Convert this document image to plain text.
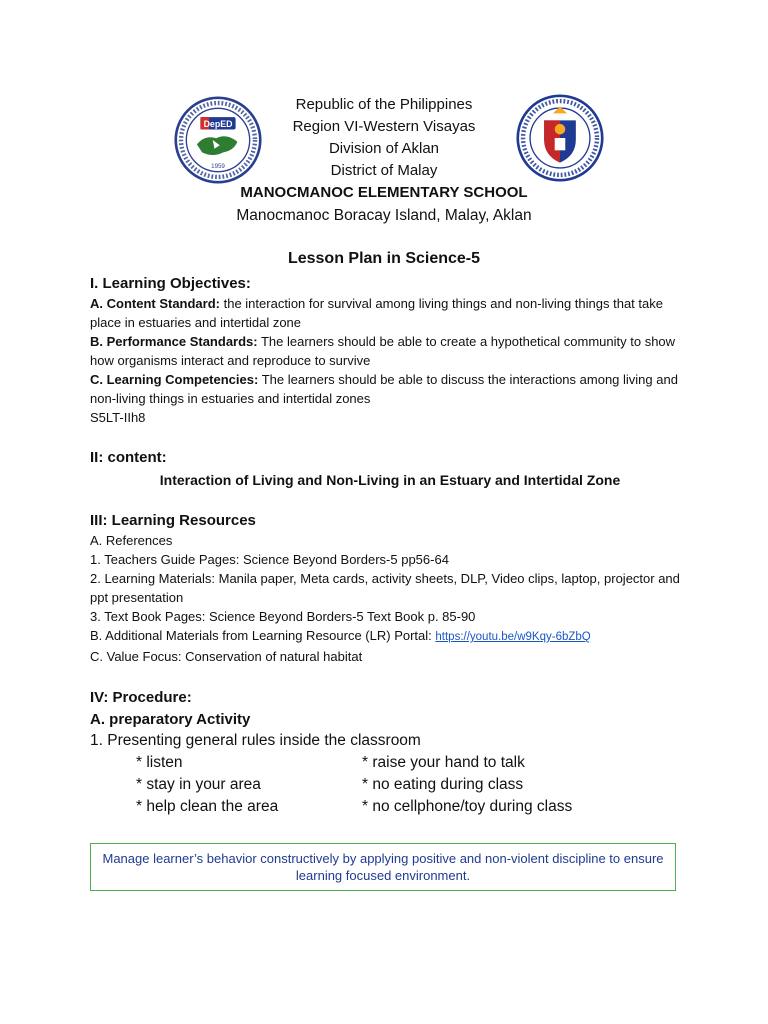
DepED
1959
Republic of the Philippines
Region VI-Western Visayas
Division of Aklan
District of Malay
MANOCMANOC ELEMENTARY SCHOOL
Manocmanoc Boracay Island, Malay, Aklan
Lesson Plan in Science-5
I. Learning Objectives:
A. Content Standard: the interaction for survival among living things and non-living things that take place in estuaries and intertidal zone
B. Performance Standards: The learners should be able to create a hypothetical community to show how organisms interact and reproduce to survive
C. Learning Competencies: The learners should be able to discuss the interactions among living and non-living things in estuaries and intertidal zones
S5LT-IIh8
II: content:
Interaction of Living and Non-Living in an Estuary and Intertidal Zone
III: Learning Resources
A. References
1. Teachers Guide Pages: Science Beyond Borders-5 pp56-64
2. Learning Materials: Manila paper, Meta cards, activity sheets, DLP, Video clips, laptop, projector and ppt presentation
3. Text Book Pages: Science Beyond Borders-5 Text Book p. 85-90
B. Additional Materials from Learning Resource (LR) Portal: https://youtu.be/w9Kqy-6bZbQ
C. Value Focus: Conservation of natural habitat
IV: Procedure:
A. preparatory Activity
1. Presenting general rules inside the classroom
* listen	* raise your hand to talk
* stay in your area	* no eating during class
* help clean the area	* no cellphone/toy during class
Manage learner’s behavior constructively by applying positive and non-violent discipline to ensure learning focused environment.
